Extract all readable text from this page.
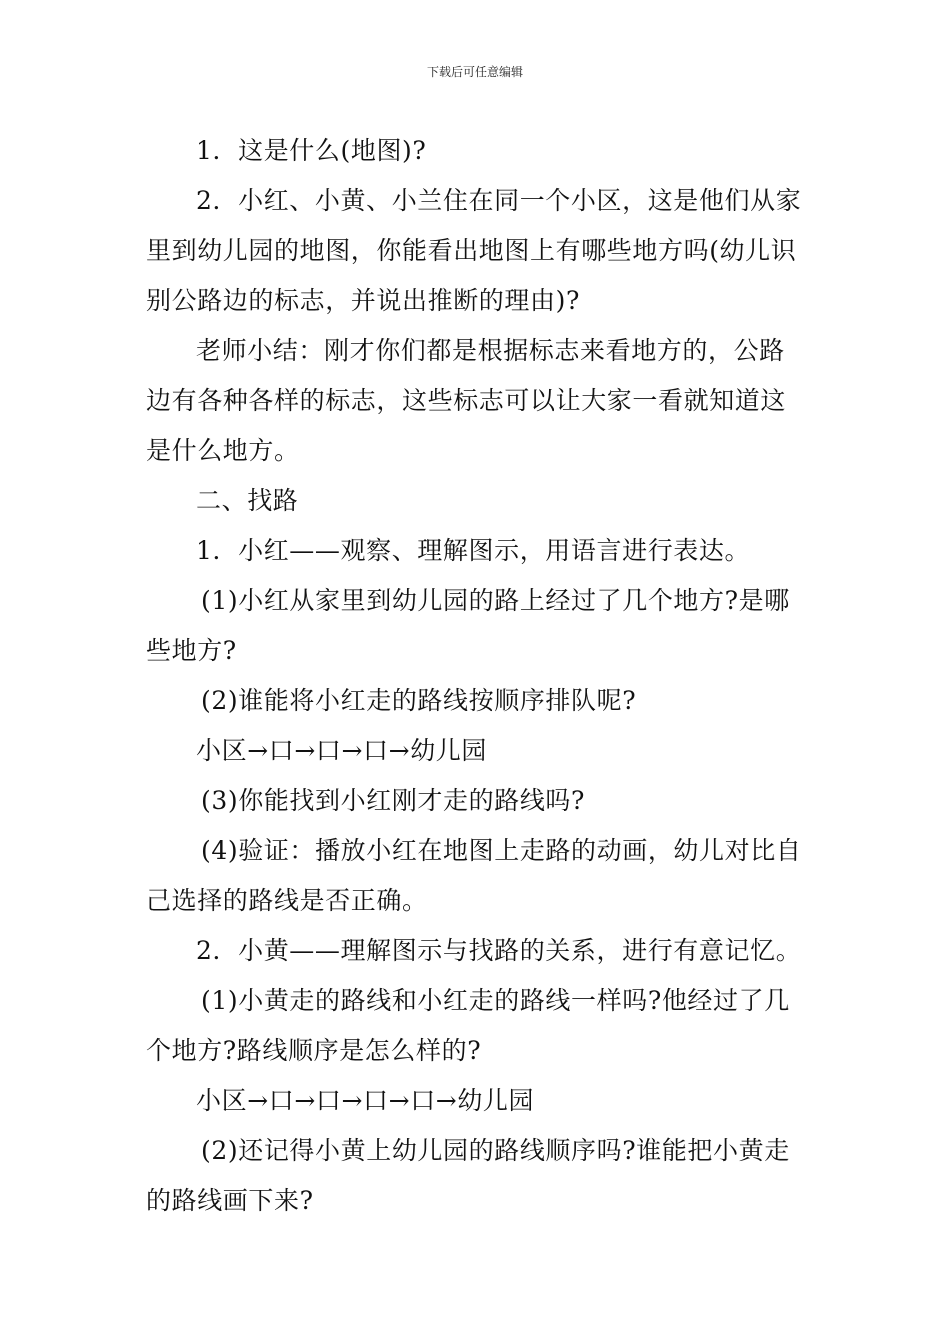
下载后可任意编辑

1．这是什么(地图)?

2．小红、小黄、小兰住在同一个小区，这是他们从家里到幼儿园的地图，你能看出地图上有哪些地方吗(幼儿识别公路边的标志，并说出推断的理由)?

老师小结：刚才你们都是根据标志来看地方的，公路边有各种各样的标志，这些标志可以让大家一看就知道这是什么地方。

二、找路

1．小红——观察、理解图示，用语言进行表达。

(1)小红从家里到幼儿园的路上经过了几个地方?是哪些地方?

(2)谁能将小红走的路线按顺序排队呢?

小区→口→口→口→幼儿园

(3)你能找到小红刚才走的路线吗?

(4)验证：播放小红在地图上走路的动画，幼儿对比自己选择的路线是否正确。

2．小黄——理解图示与找路的关系，进行有意记忆。

(1)小黄走的路线和小红走的路线一样吗?他经过了几个地方?路线顺序是怎么样的?

小区→口→口→口→口→幼儿园

(2)还记得小黄上幼儿园的路线顺序吗?谁能把小黄走的路线画下来?
